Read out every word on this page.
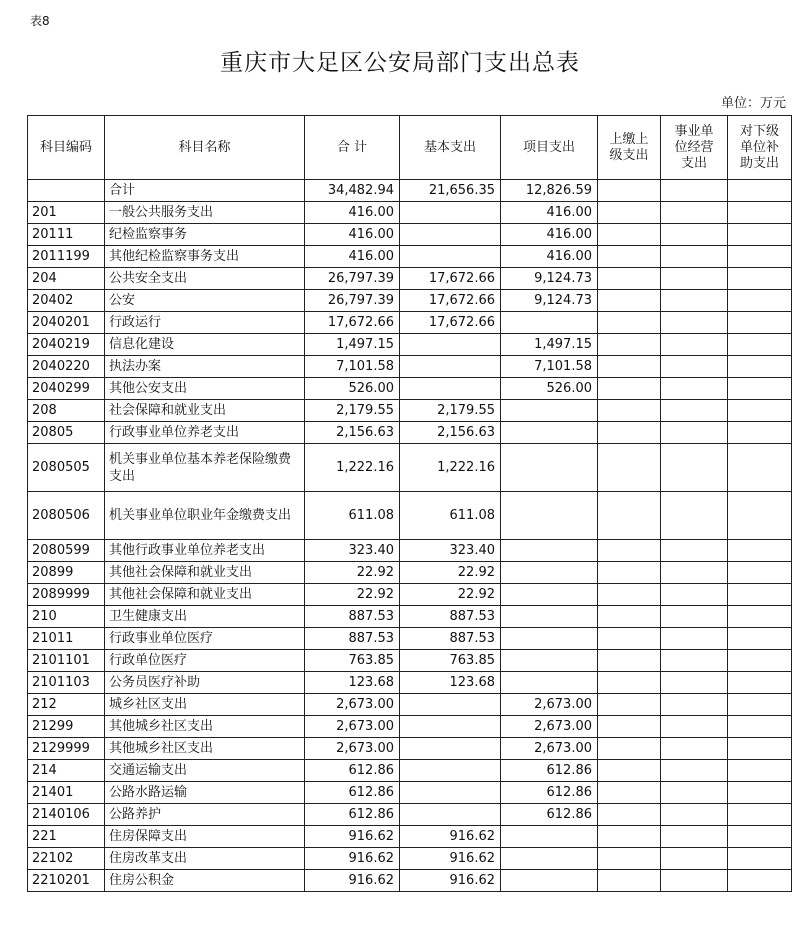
表8
重庆市大足区公安局部门支出总表
单位：万元
科目编码	科目名称	合 计	基本支出	项目支出	上缴上级支出	事业单位经营支出	对下级单位补助支出
	合计	34,482.94	21,656.35	12,826.59			
201	一般公共服务支出	416.00		416.00			
20111	纪检监察事务	416.00		416.00			
2011199	其他纪检监察事务支出	416.00		416.00			
204	公共安全支出	26,797.39	17,672.66	9,124.73			
20402	公安	26,797.39	17,672.66	9,124.73			
2040201	行政运行	17,672.66	17,672.66				
2040219	信息化建设	1,497.15		1,497.15			
2040220	执法办案	7,101.58		7,101.58			
2040299	其他公安支出	526.00		526.00			
208	社会保障和就业支出	2,179.55	2,179.55				
20805	行政事业单位养老支出	2,156.63	2,156.63				
2080505	机关事业单位基本养老保险缴费支出	1,222.16	1,222.16				
2080506	机关事业单位职业年金缴费支出	611.08	611.08				
2080599	其他行政事业单位养老支出	323.40	323.40				
20899	其他社会保障和就业支出	22.92	22.92				
2089999	其他社会保障和就业支出	22.92	22.92				
210	卫生健康支出	887.53	887.53				
21011	行政事业单位医疗	887.53	887.53				
2101101	行政单位医疗	763.85	763.85				
2101103	公务员医疗补助	123.68	123.68				
212	城乡社区支出	2,673.00		2,673.00			
21299	其他城乡社区支出	2,673.00		2,673.00			
2129999	其他城乡社区支出	2,673.00		2,673.00			
214	交通运输支出	612.86		612.86			
21401	公路水路运输	612.86		612.86			
2140106	公路养护	612.86		612.86			
221	住房保障支出	916.62	916.62				
22102	住房改革支出	916.62	916.62				
2210201	住房公积金	916.62	916.62				
